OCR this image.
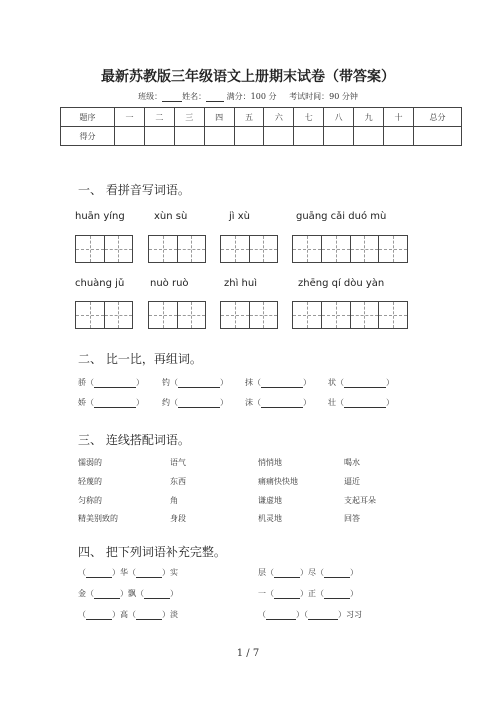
最新苏教版三年级语文上册期末试卷（带答案）
班级：	姓名：	满分：100 分 考试时间：90 分钟
题序	一	二	三	四	五	六	七	八	九	十	总分
得分											
一、 看拼音写词语。
huān yíng	xùn sù	jì xù	guāng cǎi duó mù
chuàng jǔ	nuò ruò	zhì huì	zhēng qí dòu yàn
二、 比一比，再组词。
骄（	） 钓（	） 抹（	） 状（	）
娇（	） 约（	） 沫（	） 壮（	）
三、 连线搭配词语。
懦弱的	语气	悄悄地	喝水
轻蔑的	东西	痛痛快快地	逼近
匀称的	角	谦虚地	支起耳朵
精美别致的	身段	机灵地	回答
四、 把下列词语补充完整。
（	）华（	）实	层（	）尽（	）
金（	）飘（	）	一（	）正（	）
（	）高（	）淡	（	）（	）习习
1 / 7
